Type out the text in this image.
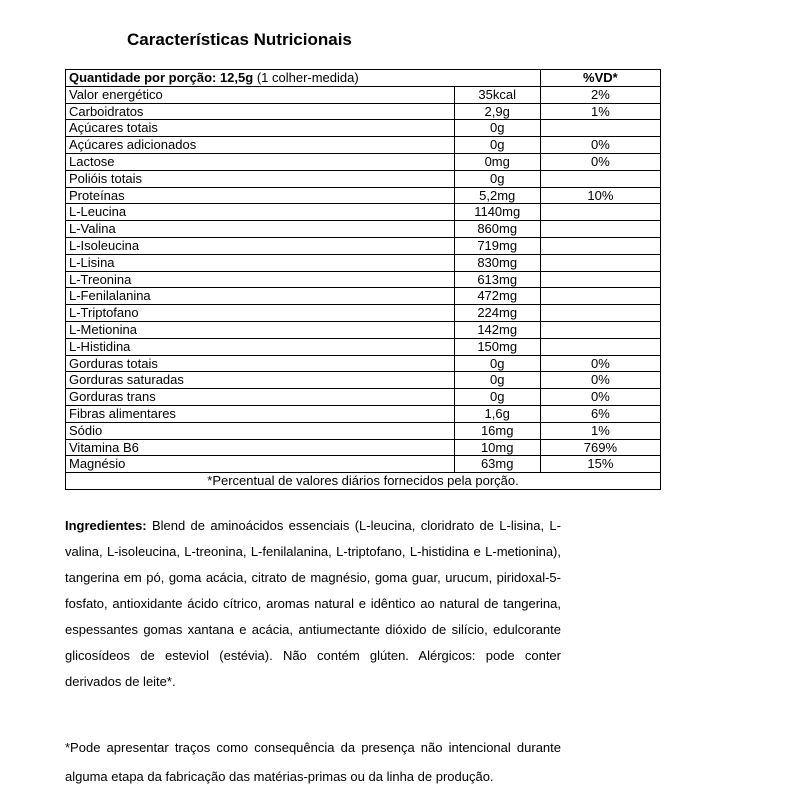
Características Nutricionais
Quantidade por porção: 12,5g (1 colher-medida)		%VD*
Valor energético	35kcal	2%
Carboidratos	2,9g	1%
Açúcares totais	0g	
Açúcares adicionados	0g	0%
Lactose	0mg	0%
Polióis totais	0g	
Proteínas	5,2mg	10%
L-Leucina	1140mg	
L-Valina	860mg	
L-Isoleucina	719mg	
L-Lisina	830mg	
L-Treonina	613mg	
L-Fenilalanina	472mg	
L-Triptofano	224mg	
L-Metionina	142mg	
L-Histidina	150mg	
Gorduras totais	0g	0%
Gorduras saturadas	0g	0%
Gorduras trans	0g	0%
Fibras alimentares	1,6g	6%
Sódio	16mg	1%
Vitamina B6	10mg	769%
Magnésio	63mg	15%
*Percentual de valores diários fornecidos pela porção.		
Ingredientes: Blend de aminoácidos essenciais (L-leucina, cloridrato de L-lisina, L-valina, L-isoleucina, L-treonina, L-fenilalanina, L-triptofano, L-histidina e L-metionina), tangerina em pó, goma acácia, citrato de magnésio, goma guar, urucum, piridoxal-5-fosfato, antioxidante ácido cítrico, aromas natural e idêntico ao natural de tangerina, espessantes gomas xantana e acácia, antiumectante dióxido de silício, edulcorante glicosídeos de esteviol (estévia). Não contém glúten. Alérgicos: pode conter derivados de leite*.
*Pode apresentar traços como consequência da presença não intencional durante alguma etapa da fabricação das matérias-primas ou da linha de produção.
